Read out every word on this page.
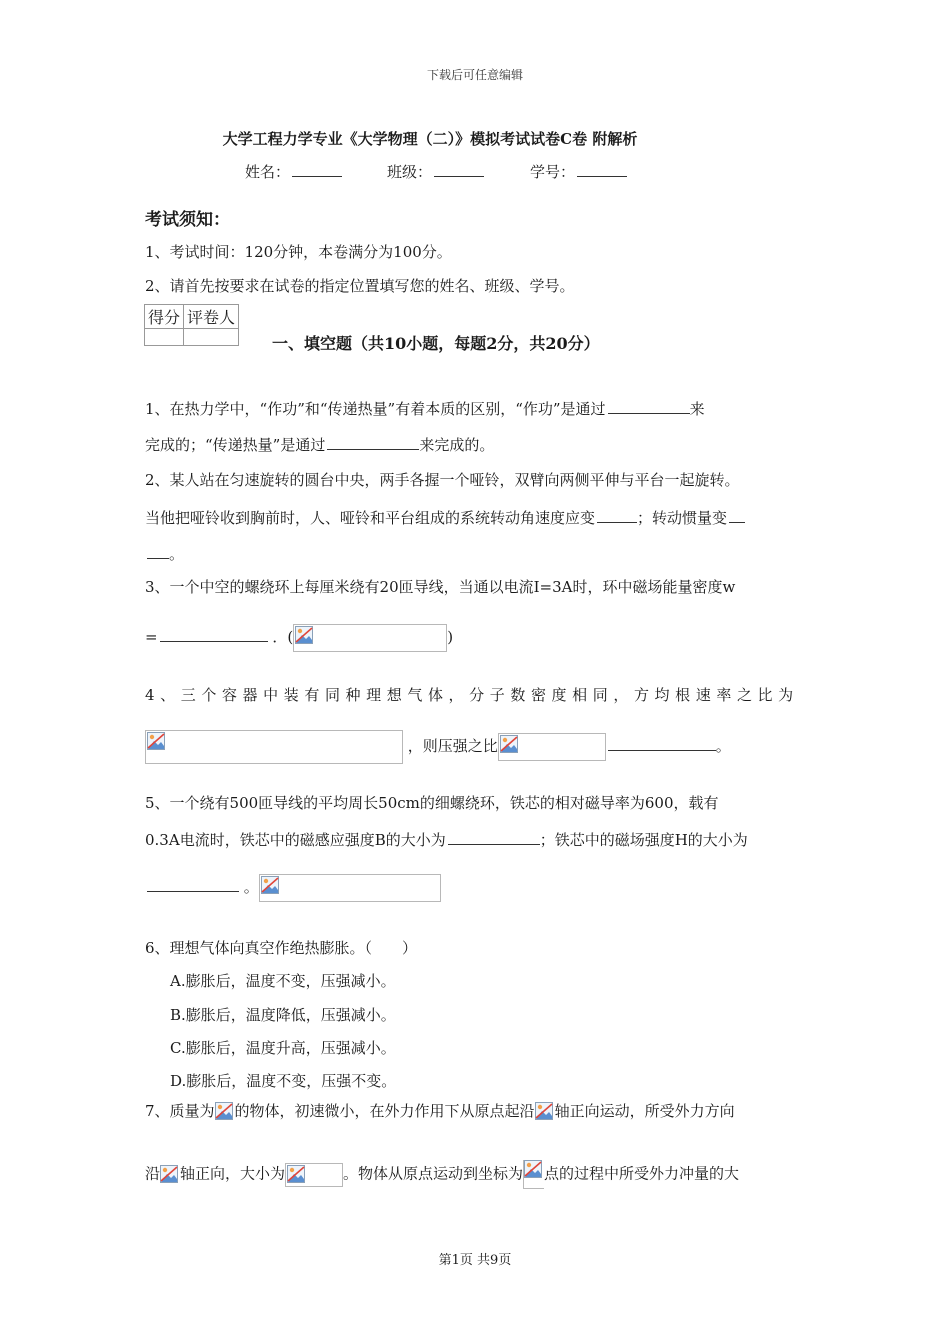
下载后可任意编辑
大学工程力学专业《大学物理（二）》模拟考试试卷C卷 附解析
姓名：	班级：	学号：
考试须知：
1、考试时间：120分钟，本卷满分为100分。
2、请首先按要求在试卷的指定位置填写您的姓名、班级、学号。
得分	评卷人

一、填空题（共10小题，每题2分，共20分）
1、在热力学中，“作功”和“传递热量”有着本质的区别，“作功”是通过	来
完成的；“传递热量”是通过	来完成的。
2、某人站在匀速旋转的圆台中央，两手各握一个哑铃，双臂向两侧平伸与平台一起旋转。
当他把哑铃收到胸前时，人、哑铃和平台组成的系统转动角速度应变	；转动惯量变
。
3、一个中空的螺绕环上每厘米绕有20匝导线，当通以电流I=3A时，环中磁场能量密度w
=	．(	)
4、三个容器中装有同种理想气体，分子数密度相同，方均根速率之比为
，则压强之比	。
5、一个绕有500匝导线的平均周长50cm的细螺绕环，铁芯的相对磁导率为600，载有
0.3A电流时，铁芯中的磁感应强度B的大小为	；铁芯中的磁场强度H的大小为
。
6、理想气体向真空作绝热膨胀。（　　）
A.膨胀后，温度不变，压强减小。
B.膨胀后，温度降低，压强减小。
C.膨胀后，温度升高，压强减小。
D.膨胀后，温度不变，压强不变。
7、质量为 的物体，初速微小，在外力作用下从原点起沿 轴正向运动，所受外力方向
沿 轴正向，大小为	。物体从原点运动到坐标为 点的过程中所受外力冲量的大
第1页 共9页
